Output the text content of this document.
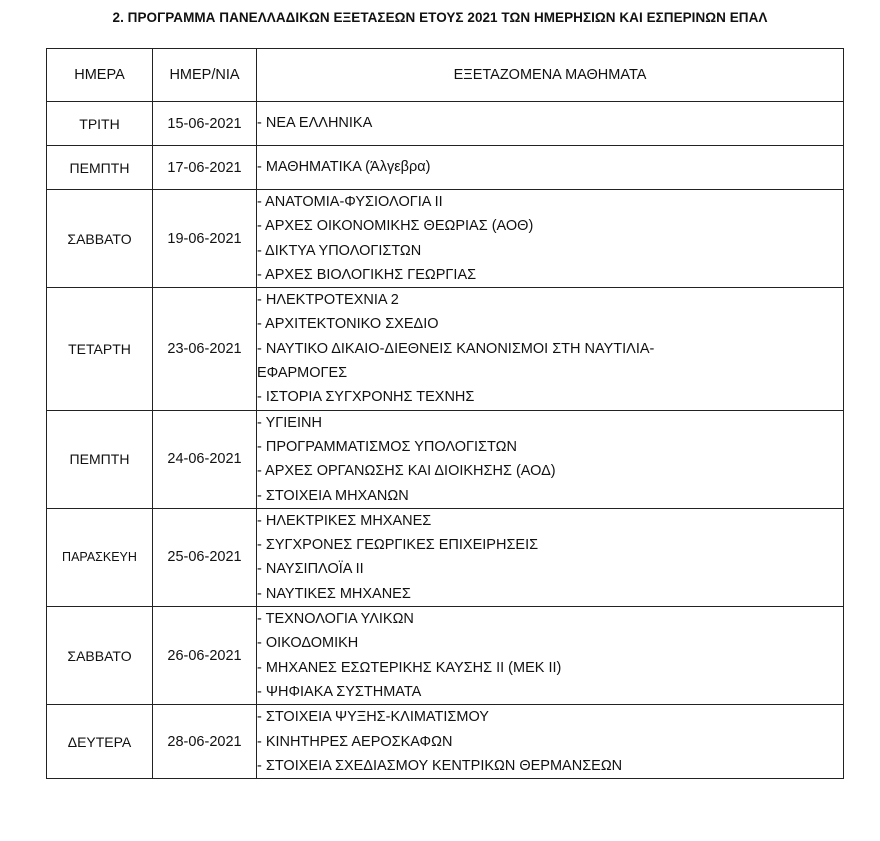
2. ΠΡΟΓΡΑΜΜΑ ΠΑΝΕΛΛΑΔΙΚΩΝ ΕΞΕΤΑΣΕΩΝ ΕΤΟΥΣ 2021 ΤΩΝ ΗΜΕΡΗΣΙΩΝ ΚΑΙ ΕΣΠΕΡΙΝΩΝ ΕΠΑΛ
ΗΜΕΡΑ	ΗΜΕΡ/ΝΙΑ	ΕΞΕΤΑΖΟΜΕΝΑ ΜΑΘΗΜΑΤΑ
ΤΡΙΤΗ	15-06-2021	- ΝΕΑ ΕΛΛΗΝΙΚΑ

ΠΕΜΠΤΗ	17-06-2021	- ΜΑΘΗΜΑΤΙΚΑ (Άλγεβρα)

ΣΑΒΒΑΤΟ	19-06-2021	- ΑΝΑΤΟΜΙΑ-ΦΥΣΙΟΛΟΓΙΑ ΙΙ
- ΑΡΧΕΣ ΟΙΚΟΝΟΜΙΚΗΣ ΘΕΩΡΙΑΣ (ΑΟΘ)
- ΔΙΚΤΥΑ ΥΠΟΛΟΓΙΣΤΩΝ
- ΑΡΧΕΣ ΒΙΟΛΟΓΙΚΗΣ ΓΕΩΡΓΙΑΣ

ΤΕΤΑΡΤΗ	23-06-2021	- ΗΛΕΚΤΡΟΤΕΧΝΙΑ 2
- ΑΡΧΙΤΕΚΤΟΝΙΚΟ ΣΧΕΔΙΟ
- ΝΑΥΤΙΚΟ ΔΙΚΑΙΟ-ΔΙΕΘΝΕΙΣ ΚΑΝΟΝΙΣΜΟΙ ΣΤΗ ΝΑΥΤΙΛΙΑ-
ΕΦΑΡΜΟΓΕΣ
- ΙΣΤΟΡΙΑ ΣΥΓΧΡΟΝΗΣ ΤΕΧΝΗΣ

ΠΕΜΠΤΗ	24-06-2021	- ΥΓΙΕΙΝΗ
- ΠΡΟΓΡΑΜΜΑΤΙΣΜΟΣ ΥΠΟΛΟΓΙΣΤΩΝ
- ΑΡΧΕΣ ΟΡΓΑΝΩΣΗΣ ΚΑΙ ΔΙΟΙΚΗΣΗΣ (ΑΟΔ)
- ΣΤΟΙΧΕΙΑ ΜΗΧΑΝΩΝ

ΠΑΡΑΣΚΕΥΗ	25-06-2021	- ΗΛΕΚΤΡΙΚΕΣ ΜΗΧΑΝΕΣ
- ΣΥΓΧΡΟΝΕΣ ΓΕΩΡΓΙΚΕΣ ΕΠΙΧΕΙΡΗΣΕΙΣ
- ΝΑΥΣΙΠΛΟΪΑ ΙΙ
- ΝΑΥΤΙΚΕΣ ΜΗΧΑΝΕΣ

ΣΑΒΒΑΤΟ	26-06-2021	- ΤΕΧΝΟΛΟΓΙΑ ΥΛΙΚΩΝ
- ΟΙΚΟΔΟΜΙΚΗ
- ΜΗΧΑΝΕΣ ΕΣΩΤΕΡΙΚΗΣ ΚΑΥΣΗΣ ΙΙ (ΜΕΚ ΙΙ)
- ΨΗΦΙΑΚΑ ΣΥΣΤΗΜΑΤΑ

ΔΕΥΤΕΡΑ	28-06-2021	- ΣΤΟΙΧΕΙΑ ΨΥΞΗΣ-ΚΛΙΜΑΤΙΣΜΟΥ
- ΚΙΝΗΤΗΡΕΣ ΑΕΡΟΣΚΑΦΩΝ
- ΣΤΟΙΧΕΙΑ ΣΧΕΔΙΑΣΜΟΥ ΚΕΝΤΡΙΚΩΝ ΘΕΡΜΑΝΣΕΩΝ
